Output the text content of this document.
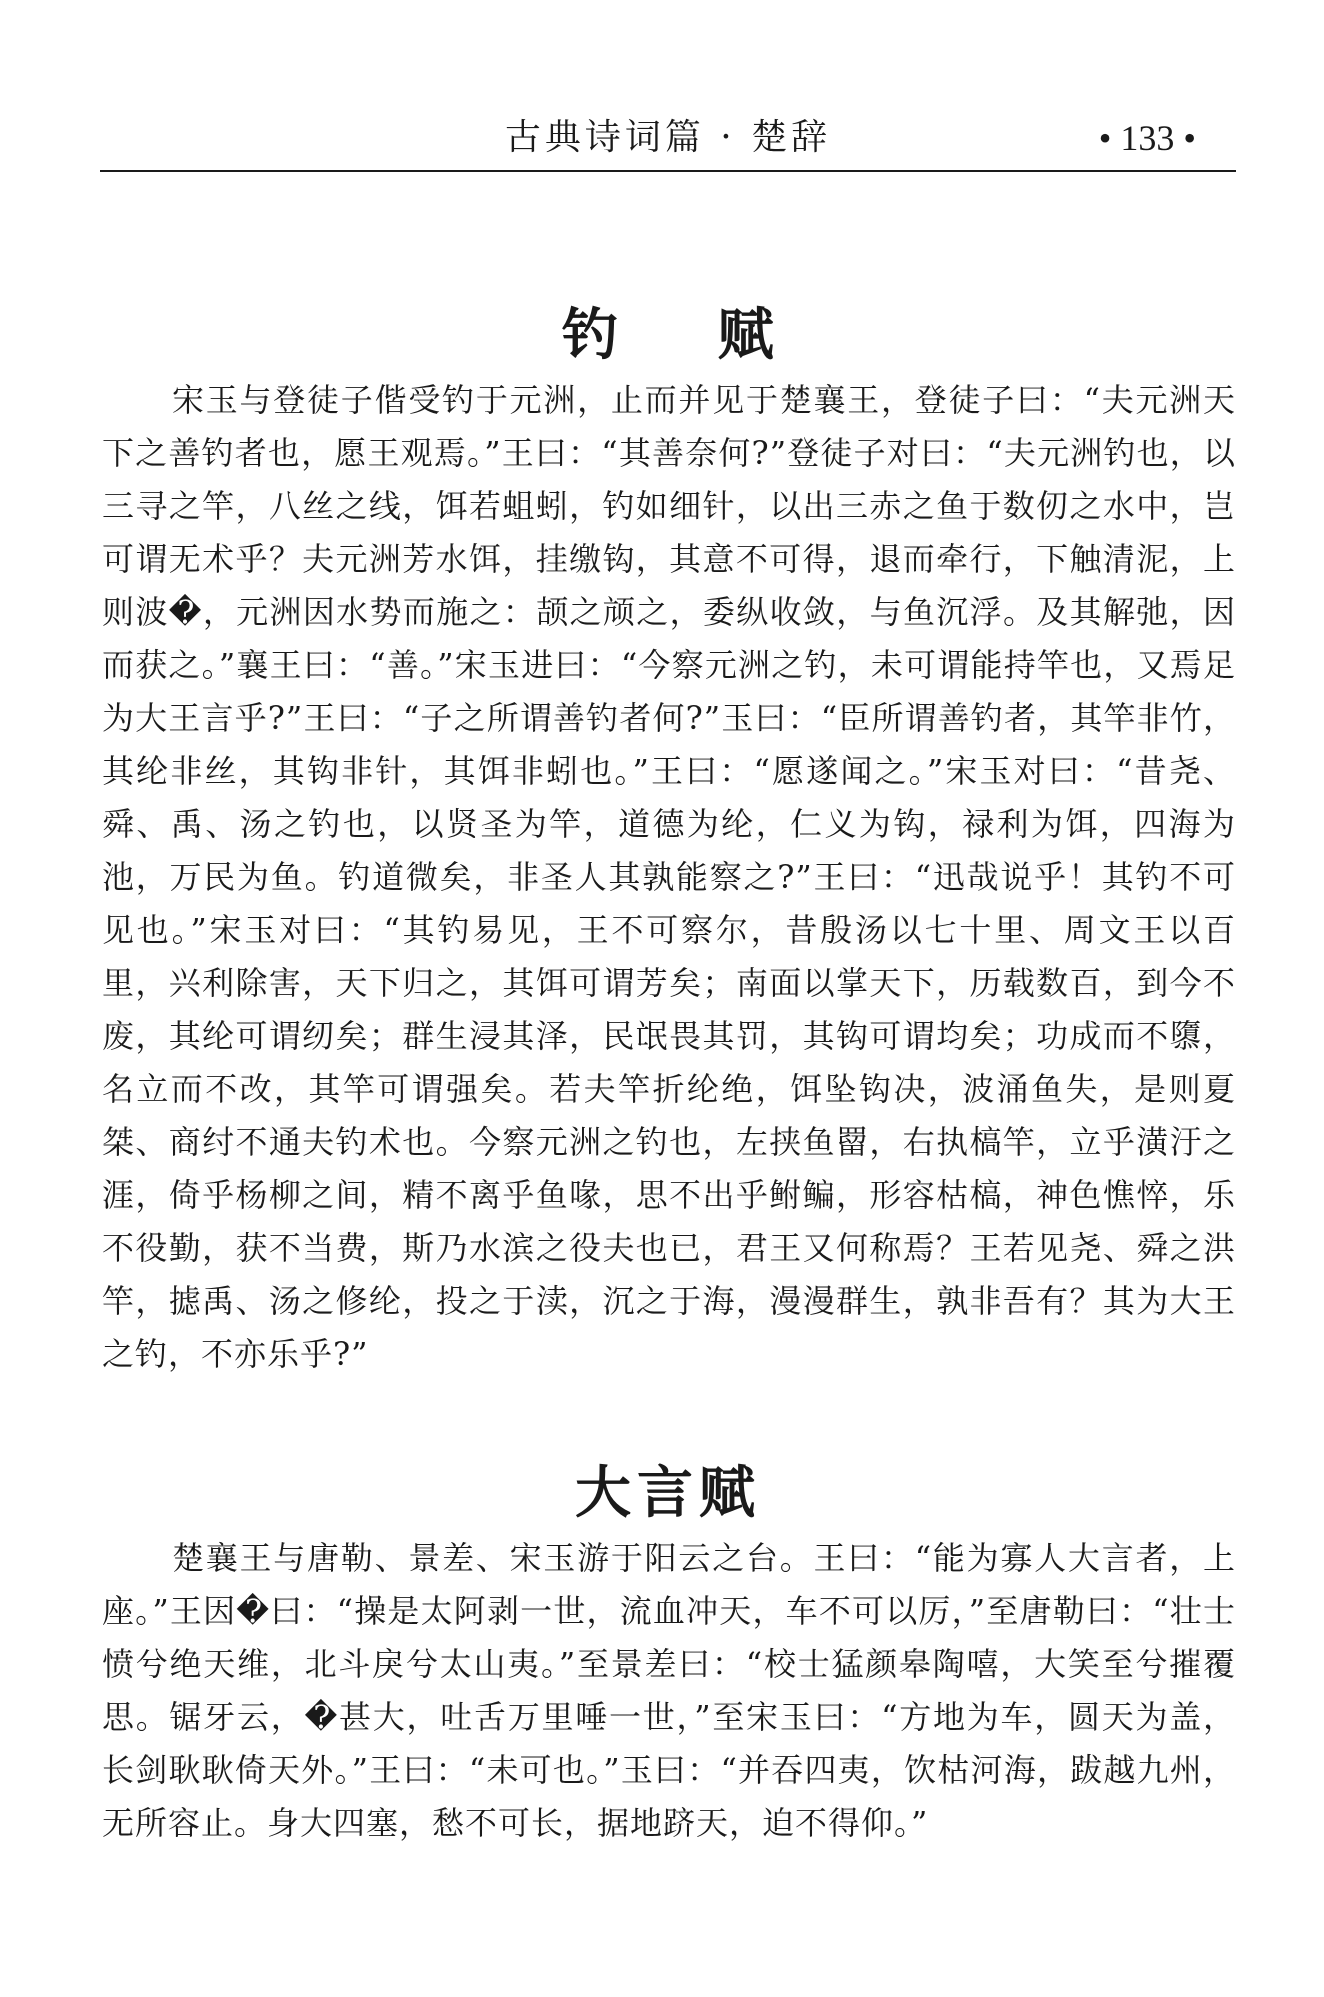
古典诗词篇 · 楚辞	• 133 •
钓 赋

宋玉与登徒子偕受钓于元洲，止而并见于楚襄王，登徒子曰：“夫元洲天下之善钓者也，愿王观焉。”王曰：“其善奈何?”登徒子对曰：“夫元洲钓也，以三寻之竿，八丝之线，饵若蛆蚓，钓如细针，以出三赤之鱼于数仞之水中，岂可谓无术乎？夫元洲芳水饵，挂缴钩，其意不可得，退而牵行，下触清泥，上则波�，元洲因水势而施之：颉之颃之，委纵收敛，与鱼沉浮。及其解弛，因而获之。”襄王曰：“善。”宋玉进曰：“今察元洲之钓，未可谓能持竿也，又焉足为大王言乎?”王曰：“子之所谓善钓者何?”玉曰：“臣所谓善钓者，其竿非竹，其纶非丝，其钩非针，其饵非蚓也。”王曰：“愿遂闻之。”宋玉对曰：“昔尧、舜、禹、汤之钓也，以贤圣为竿，道德为纶，仁义为钩，禄利为饵，四海为池，万民为鱼。钓道微矣，非圣人其孰能察之?”王曰：“迅哉说乎！其钓不可见也。”宋玉对曰：“其钓易见，王不可察尔，昔殷汤以七十里、周文王以百里，兴利除害，天下归之，其饵可谓芳矣；南面以掌天下，历载数百，到今不废，其纶可谓纫矣；群生浸其泽，民氓畏其罚，其钩可谓均矣；功成而不隳，名立而不改，其竿可谓强矣。若夫竿折纶绝，饵坠钩决，波涌鱼失，是则夏桀、商纣不通夫钓术也。今察元洲之钓也，左挟鱼罶，右执槁竿，立乎潢汙之涯，倚乎杨柳之间，精不离乎鱼喙，思不出乎鲋鳊，形容枯槁，神色憔悴，乐不役勤，获不当费，斯乃水滨之役夫也已，君王又何称焉？王若见尧、舜之洪竿，摅禹、汤之修纶，投之于渎，沉之于海，漫漫群生，孰非吾有？其为大王之钓，不亦乐乎?”

大言赋

楚襄王与唐勒、景差、宋玉游于阳云之台。王曰：“能为寡人大言者，上座。”王因�曰：“操是太阿剥一世，流血冲天，车不可以厉，”至唐勒曰：“壮士愤兮绝天维，北斗戾兮太山夷。”至景差曰：“校士猛颜皋陶嘻，大笑至兮摧覆思。锯牙云，�甚大，吐舌万里唾一世，”至宋玉曰：“方地为车，圆天为盖，长剑耿耿倚天外。”王曰：“未可也。”玉曰：“并吞四夷，饮枯河海，跋越九州，无所容止。身大四塞，愁不可长，据地跻天，迫不得仰。”
